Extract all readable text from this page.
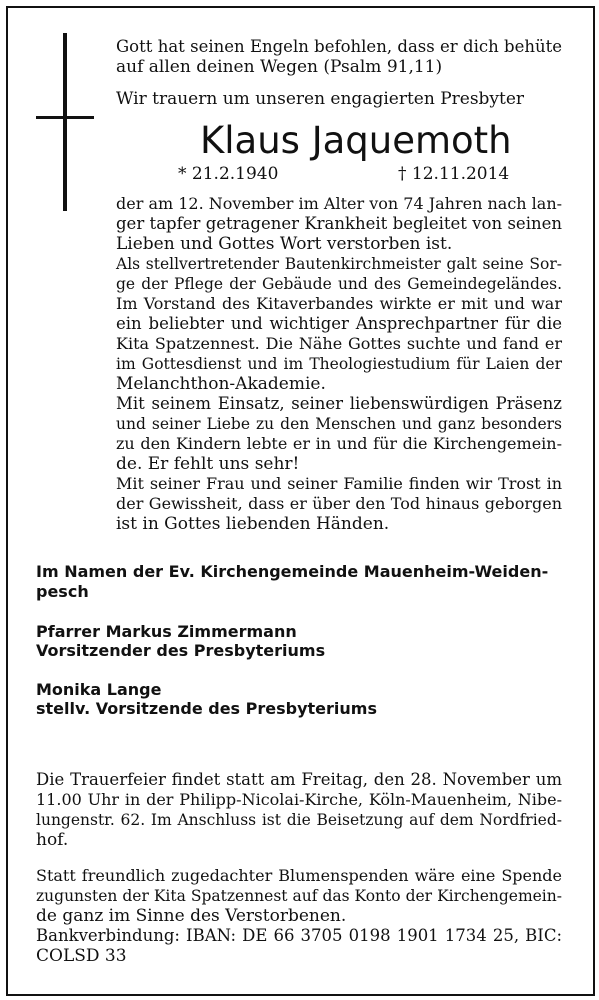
Gott hat seinen Engeln befohlen, dass er dich behüte
auf allen deinen Wegen (Psalm 91,11)
Wir trauern um unseren engagierten Presbyter
Klaus Jaquemoth
* 21.2.1940	† 12.11.2014
der am 12. November im Alter von 74 Jahren nach lan-
ger tapfer getragener Krankheit begleitet von seinen
Lieben und Gottes Wort verstorben ist.
Als stellvertretender Bautenkirchmeister galt seine Sor-
ge der Pflege der Gebäude und des Gemeindegeländes.
Im Vorstand des Kitaverbandes wirkte er mit und war
ein beliebter und wichtiger Ansprechpartner für die
Kita Spatzennest. Die Nähe Gottes suchte und fand er
im Gottesdienst und im Theologiestudium für Laien der
Melanchthon-Akademie.
Mit seinem Einsatz, seiner liebenswürdigen Präsenz
und seiner Liebe zu den Menschen und ganz besonders
zu den Kindern lebte er in und für die Kirchengemein-
de. Er fehlt uns sehr!
Mit seiner Frau und seiner Familie finden wir Trost in
der Gewissheit, dass er über den Tod hinaus geborgen
ist in Gottes liebenden Händen.
Im Namen der Ev. Kirchengemeinde Mauenheim-Weiden-
pesch
Pfarrer Markus Zimmermann
Vorsitzender des Presbyteriums
Monika Lange
stellv. Vorsitzende des Presbyteriums
Die Trauerfeier findet statt am Freitag, den 28. November um
11.00 Uhr in der Philipp-Nicolai-Kirche, Köln-Mauenheim, Nibe-
lungenstr. 62. Im Anschluss ist die Beisetzung auf dem Nordfried-
hof.
Statt freundlich zugedachter Blumenspenden wäre eine Spende
zugunsten der Kita Spatzennest auf das Konto der Kirchengemein-
de ganz im Sinne des Verstorbenen.
Bankverbindung: IBAN: DE 66 3705 0198 1901 1734 25, BIC:
COLSD 33
